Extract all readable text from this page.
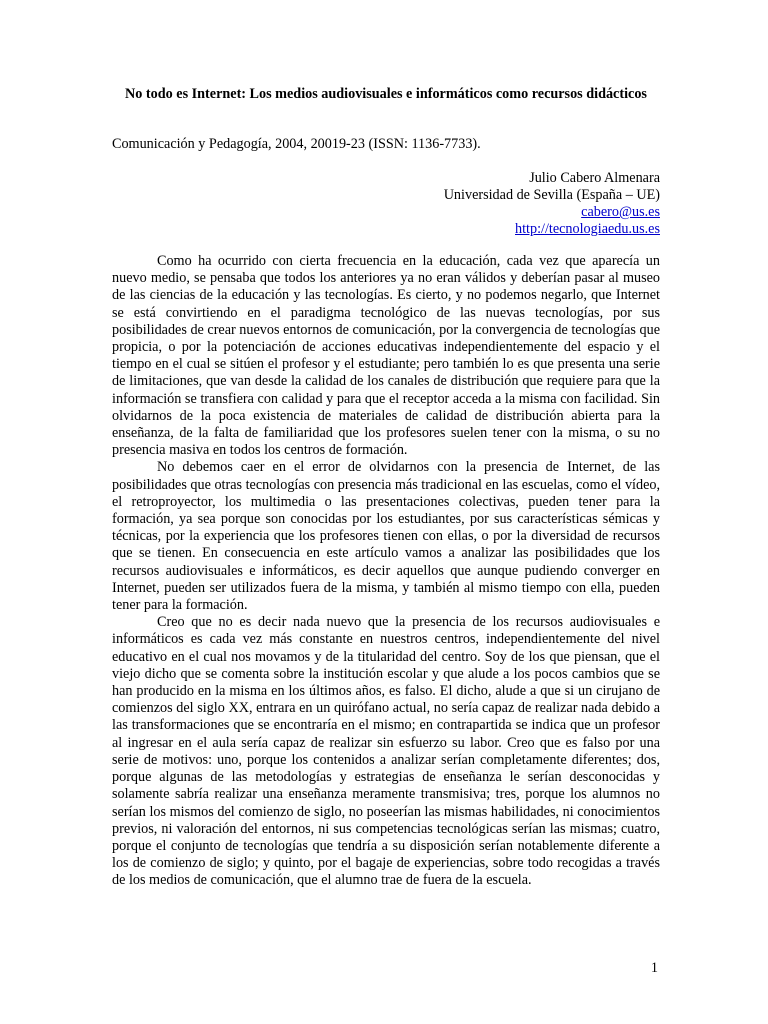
No todo es Internet: Los medios audiovisuales e informáticos como recursos didácticos
Comunicación y Pedagogía, 2004, 20019-23 (ISSN: 1136-7733).
Julio Cabero Almenara
Universidad de Sevilla (España – UE)
cabero@us.es
http://tecnologiaedu.us.es

Como ha ocurrido con cierta frecuencia en la educación, cada vez que aparecía un nuevo medio, se pensaba que todos los anteriores ya no eran válidos y deberían pasar al museo de las ciencias de la educación y las tecnologías. Es cierto, y no podemos negarlo, que Internet se está convirtiendo en el paradigma tecnológico de las nuevas tecnologías, por sus posibilidades de crear nuevos entornos de comunicación, por la convergencia de tecnologías que propicia, o por la potenciación de acciones educativas independientemente del espacio y el tiempo en el cual se sitúen el profesor y el estudiante; pero también lo es que presenta una serie de limitaciones, que van desde la calidad de los canales de distribución que requiere para que la información se transfiera con calidad y para que el receptor acceda a la misma con facilidad. Sin olvidarnos de la poca existencia de materiales de calidad de distribución abierta para la enseñanza, de la falta de familiaridad que los profesores suelen tener con la misma, o su no presencia masiva en todos los centros de formación.

No debemos caer en el error de olvidarnos con la presencia de Internet, de las posibilidades que otras tecnologías con presencia más tradicional en las escuelas, como el vídeo, el retroproyector, los multimedia o las presentaciones colectivas, pueden tener para la formación, ya sea porque son conocidas por los estudiantes, por sus características sémicas y técnicas, por la experiencia que los profesores tienen con ellas, o por la diversidad de recursos que se tienen. En consecuencia en este artículo vamos a analizar las posibilidades que los recursos audiovisuales e informáticos, es decir aquellos que aunque pudiendo converger en Internet, pueden ser utilizados fuera de la misma, y también al mismo tiempo con ella, pueden tener para la formación.

Creo que no es decir nada nuevo que la presencia de los recursos audiovisuales e informáticos es cada vez más constante en nuestros centros, independientemente del nivel educativo en el cual nos movamos y de la titularidad del centro. Soy de los que piensan, que el viejo dicho que se comenta sobre la institución escolar y que alude a los pocos cambios que se han producido en la misma en los últimos años, es falso. El dicho, alude a que si un cirujano de comienzos del siglo XX, entrara en un quirófano actual, no sería capaz de realizar nada debido a las transformaciones que se encontraría en el mismo; en contrapartida se indica que un profesor al ingresar en el aula sería capaz de realizar sin esfuerzo su labor. Creo que es falso por una serie de motivos: uno, porque los contenidos a analizar serían completamente diferentes; dos, porque algunas de las metodologías y estrategias de enseñanza le serían desconocidas y solamente sabría realizar una enseñanza meramente transmisiva; tres, porque los alumnos no serían los mismos del comienzo de siglo, no poseerían las mismas habilidades, ni conocimientos previos, ni valoración del entornos, ni sus competencias tecnológicas serían las mismas; cuatro, porque el conjunto de tecnologías que tendría a su disposición serían notablemente diferente a los de comienzo de siglo; y quinto, por el bagaje de experiencias, sobre todo recogidas a través de los medios de comunicación, que el alumno trae de fuera de la escuela.

1
